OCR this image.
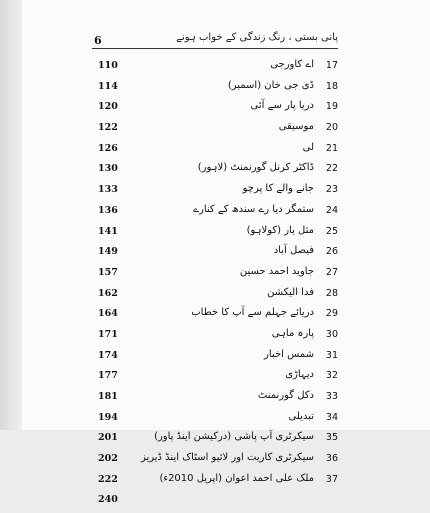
6	پانی بستی ، رنگ زندگی کے خواب ہونے
110	اے کاورجی 17
114	ڈی جی خان (اسمبر) 18
120	دریا پار سے آئی 19
122	موسیقی 20
126	لی 21
130	ڈاکٹر کرنل گورنمنٹ (لاہور) 22
133	جانے والے کا پرچو 23
136	ستمگر دیا رے سندھ کے کنارے 24
141	مثل یار (کولاہو) 25
149	فیصل آباد 26
157	جاوید احمد حسین 27
162	فدا الیکشن 28
164	دریائے جہلم سے آپ کا خطاب 29
171	پارہ ماہی 30
174	شمس اخبار 31
177	دیہاڑی 32
181	دکل گورنمنٹ 33
194	تبدیلی 34
201	سیکرٹری آپ پاشی (درکیشن اینڈ پاور) 35
202 سیکرٹری کاریت اور لائیو اسٹاک اینڈ ڈیریز 36
222	ملک علی احمد اعوان (اپریل 2010ء) 37
240
